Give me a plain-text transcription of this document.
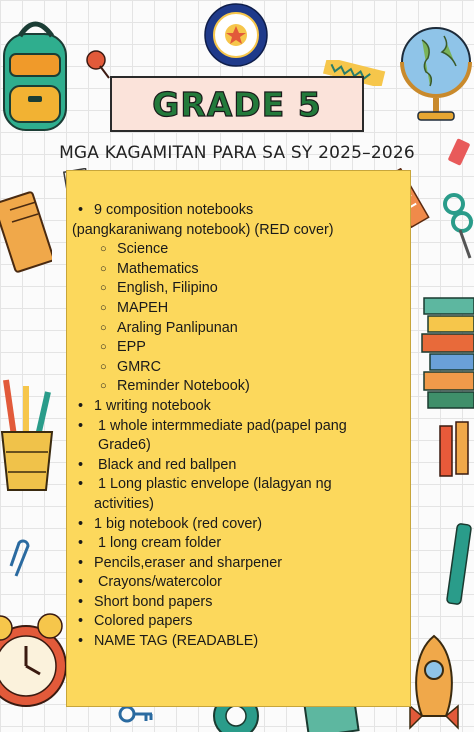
GRADE 5
MGA KAGAMITAN PARA SA SY 2025–2026
• 9 composition notebooks
(pangkaraniwang notebook) (RED cover)
○ Science
○ Mathematics
○ English, Filipino
○ MAPEH
○ Araling Panlipunan
○ EPP
○ GMRC
○ Reminder Notebook)
• 1 writing notebook
• 1 whole intermmediate pad(papel pang
Grade6)
• Black and red ballpen
• 1 Long plastic envelope (lalagyan ng
activities)
• 1 big notebook (red cover)
• 1 long cream folder
• Pencils,eraser and sharpener
• Crayons/watercolor
• Short bond papers
• Colored papers
• NAME TAG (READABLE)
